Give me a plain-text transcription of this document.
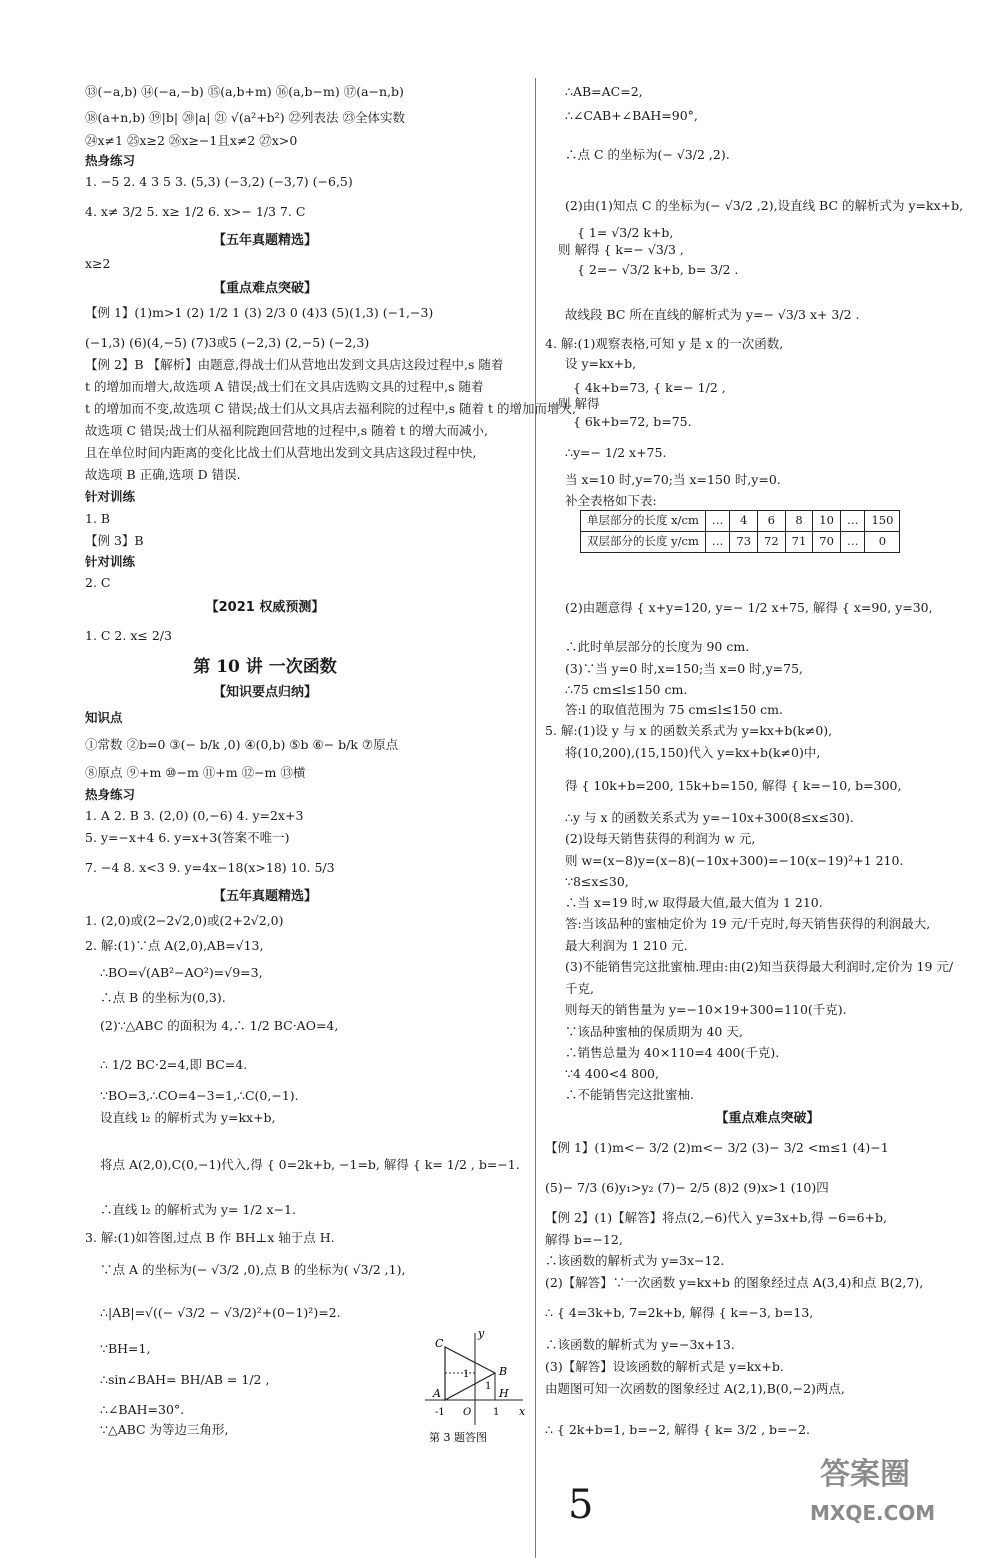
⑬(−a,b) ⑭(−a,−b) ⑮(a,b+m) ⑯(a,b−m) ⑰(a−n,b)
⑱(a+n,b) ⑲|b| ⑳|a| ㉑ √(a²+b²) ㉒列表法 ㉓全体实数
㉔x≠1 ㉕x≥2 ㉖x≥−1且x≠2 ㉗x>0
热身练习
1. −5 2. 4 3 5 3. (5,3) (−3,2) (−3,7) (−6,5)
4. x≠ 3/2 5. x≥ 1/2 6. x>− 1/3 7. C
【五年真题精选】
x≥2
【重点难点突破】
【例 1】(1)m>1 (2) 1/2 1 (3) 2/3 0 (4)3 (5)(1,3) (−1,−3)
(−1,3) (6)(4,−5) (7)3或5 (−2,3) (2,−5) (−2,3)
【例 2】B 【解析】由题意,得战士们从营地出发到文具店这段过程中,s 随着
t 的增加而增大,故选项 A 错误;战士们在文具店选购文具的过程中,s 随着
t 的增加而不变,故选项 C 错误;战士们从文具店去福利院的过程中,s 随着 t 的增加而增大,
故选项 C 错误;战士们从福利院跑回营地的过程中,s 随着 t 的增大而减小,
且在单位时间内距离的变化比战士们从营地出发到文具店这段过程中快,
故选项 B 正确,选项 D 错误.
针对训练
1. B
【例 3】B
针对训练
2. C
【2021 权威预测】
1. C 2. x≤ 2/3
第 10 讲 一次函数
【知识要点归纳】
知识点
①常数 ②b=0 ③(− b/k ,0) ④(0,b) ⑤b ⑥− b/k ⑦原点
⑧原点 ⑨+m ⑩−m ⑪+m ⑫−m ⑬横
热身练习
1. A 2. B 3. (2,0) (0,−6) 4. y=2x+3
5. y=−x+4 6. y=x+3(答案不唯一)
7. −4 8. x<3 9. y=4x−18(x>18) 10. 5/3
【五年真题精选】
1. (2,0)或(2−2√2,0)或(2+2√2,0)
2. 解:(1)∵点 A(2,0),AB=√13,
∴BO=√(AB²−AO²)=√9=3,
∴点 B 的坐标为(0,3).
(2)∵△ABC 的面积为 4,∴ 1/2 BC·AO=4,
∴ 1/2 BC·2=4,即 BC=4.
∵BO=3,∴CO=4−3=1,∴C(0,−1).
设直线 l₂ 的解析式为 y=kx+b,
将点 A(2,0),C(0,−1)代入,得 { 0=2k+b, −1=b, 解得 { k= 1/2 , b=−1.
∴直线 l₂ 的解析式为 y= 1/2 x−1.
3. 解:(1)如答图,过点 B 作 BH⊥x 轴于点 H.
∵点 A 的坐标为(− √3/2 ,0),点 B 的坐标为( √3/2 ,1),
∴|AB|=√((− √3/2 − √3/2)²+(0−1)²)=2.
∵BH=1,
∴sin∠BAH= BH/AB = 1/2 ,
∴∠BAH=30°.
∵△ABC 为等边三角形,
C
B
A	H
y
x
1
1
-1 O 1
第 3 题答图
∴AB=AC=2,
∴∠CAB+∠BAH=90°,
∴点 C 的坐标为(− √3/2 ,2).
(2)由(1)知点 C 的坐标为(− √3/2 ,2),设直线 BC 的解析式为 y=kx+b,
{ 1= √3/2 k+b,
则 解得 { k=− √3/3 ,
{ 2=− √3/2 k+b, b= 3/2 .
故线段 BC 所在直线的解析式为 y=− √3/3 x+ 3/2 .
4. 解:(1)观察表格,可知 y 是 x 的一次函数,
设 y=kx+b,
{ 4k+b=73, { k=− 1/2 ,
则 解得
{ 6k+b=72, b=75.
∴y=− 1/2 x+75.
当 x=10 时,y=70;当 x=150 时,y=0.
补全表格如下表:
(2)由题意得 { x+y=120, y=− 1/2 x+75, 解得 { x=90, y=30,
∴此时单层部分的长度为 90 cm.
(3)∵当 y=0 时,x=150;当 x=0 时,y=75,
∴75 cm≤l≤150 cm.
答:l 的取值范围为 75 cm≤l≤150 cm.
5. 解:(1)设 y 与 x 的函数关系式为 y=kx+b(k≠0),
将(10,200),(15,150)代入 y=kx+b(k≠0)中,
得 { 10k+b=200, 15k+b=150, 解得 { k=−10, b=300,
∴y 与 x 的函数关系式为 y=−10x+300(8≤x≤30).
(2)设每天销售获得的利润为 w 元,
则 w=(x−8)y=(x−8)(−10x+300)=−10(x−19)²+1 210.
∵8≤x≤30,
∴当 x=19 时,w 取得最大值,最大值为 1 210.
答:当该品种的蜜柚定价为 19 元/千克时,每天销售获得的利润最大,
最大利润为 1 210 元.
(3)不能销售完这批蜜柚.理由:由(2)知当获得最大利润时,定价为 19 元/
千克,
则每天的销售量为 y=−10×19+300=110(千克).
∵该品种蜜柚的保质期为 40 天,
∴销售总量为 40×110=4 400(千克).
∵4 400<4 800,
∴不能销售完这批蜜柚.
【重点难点突破】
【例 1】(1)m<− 3/2 (2)m<− 3/2 (3)− 3/2 <m≤1 (4)−1
(5)− 7/3 (6)y₁>y₂ (7)− 2/5 (8)2 (9)x>1 (10)四
【例 2】(1)【解答】将点(2,−6)代入 y=3x+b,得 −6=6+b,
解得 b=−12,
∴该函数的解析式为 y=3x−12.
(2)【解答】∵一次函数 y=kx+b 的图象经过点 A(3,4)和点 B(2,7),
∴ { 4=3k+b, 7=2k+b, 解得 { k=−3, b=13,
∴该函数的解析式为 y=−3x+13.
(3)【解答】设该函数的解析式是 y=kx+b.
由题图可知一次函数的图象经过 A(2,1),B(0,−2)两点,
∴ { 2k+b=1, b=−2, 解得 { k= 3/2 , b=−2.
单层部分的长度 x/cm	…	4	6	8	10	…	150
双层部分的长度 y/cm	…	73	72	71	70	…	0
5
答案圈
MXQE.COM
